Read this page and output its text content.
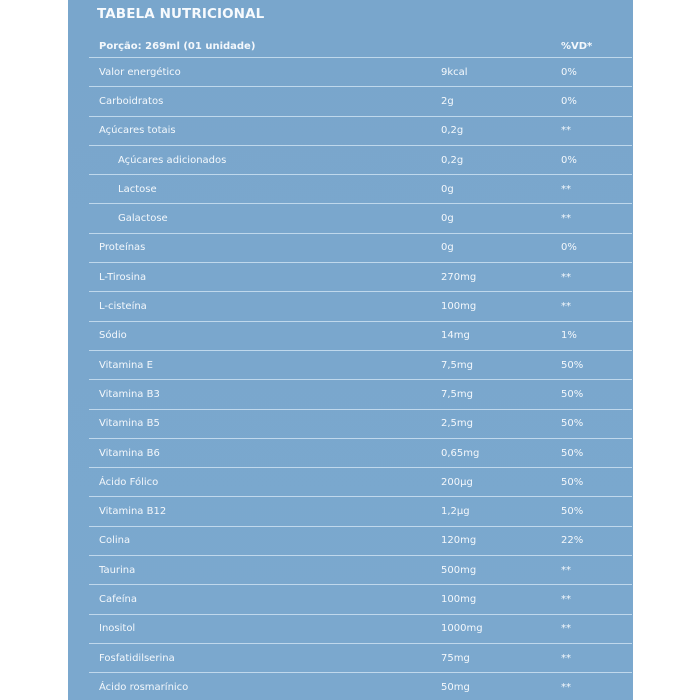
TABELA NUTRICIONAL
Porção: 269ml (01 unidade)	%VD*
Valor energético	9kcal	0%
Carboidratos	2g	0%
Açúcares totais	0,2g	**
Açúcares adicionados	0,2g	0%
Lactose	0g	**
Galactose	0g	**
Proteínas	0g	0%
L-Tirosina	270mg	**
L-cisteína	100mg	**
Sódio	14mg	1%
Vitamina E	7,5mg	50%
Vitamina B3	7,5mg	50%
Vitamina B5	2,5mg	50%
Vitamina B6	0,65mg	50%
Ácido Fólico	200µg	50%
Vitamina B12	1,2µg	50%
Colina	120mg	22%
Taurina	500mg	**
Cafeína	100mg	**
Inositol	1000mg	**
Fosfatidilserina	75mg	**
Ácido rosmarínico	50mg	**
